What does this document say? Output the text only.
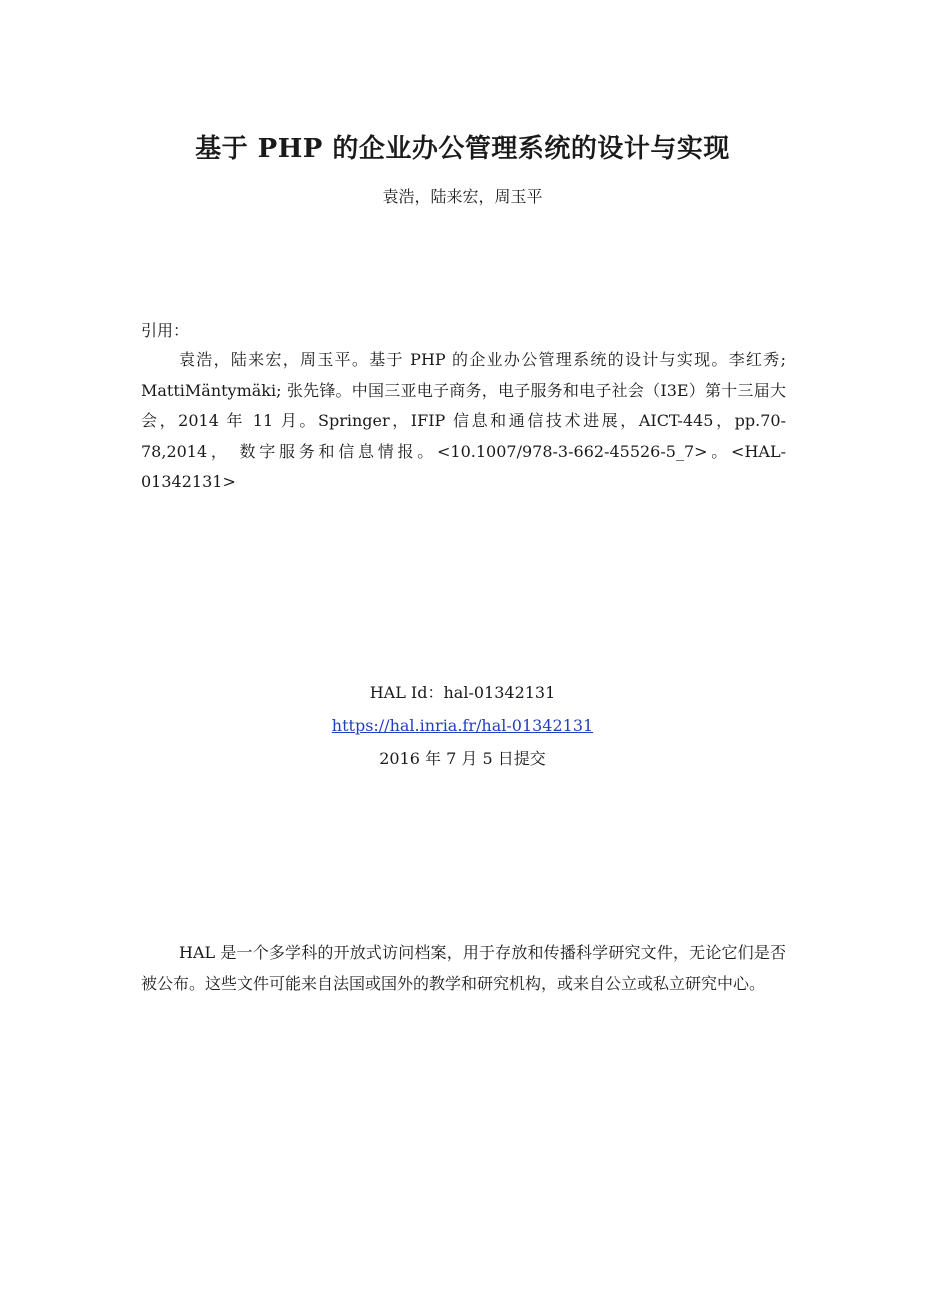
基于 PHP 的企业办公管理系统的设计与实现
袁浩，陆来宏，周玉平
引用：
袁浩，陆来宏，周玉平。基于 PHP 的企业办公管理系统的设计与实现。李红秀; MattiMäntymäki; 张先锋。中国三亚电子商务，电子服务和电子社会（I3E）第十三届大会，2014 年 11 月。Springer，IFIP 信息和通信技术进展，AICT-445，pp.70-78,2014， 数字服务和信息情报。<10.1007/978-3-662-45526-5_7>。<HAL-01342131>
HAL Id：hal-01342131
https://hal.inria.fr/hal-01342131
2016 年 7 月 5 日提交
HAL 是一个多学科的开放式访问档案，用于存放和传播科学研究文件，无论它们是否被公布。这些文件可能来自法国或国外的教学和研究机构，或来自公立或私立研究中心。
